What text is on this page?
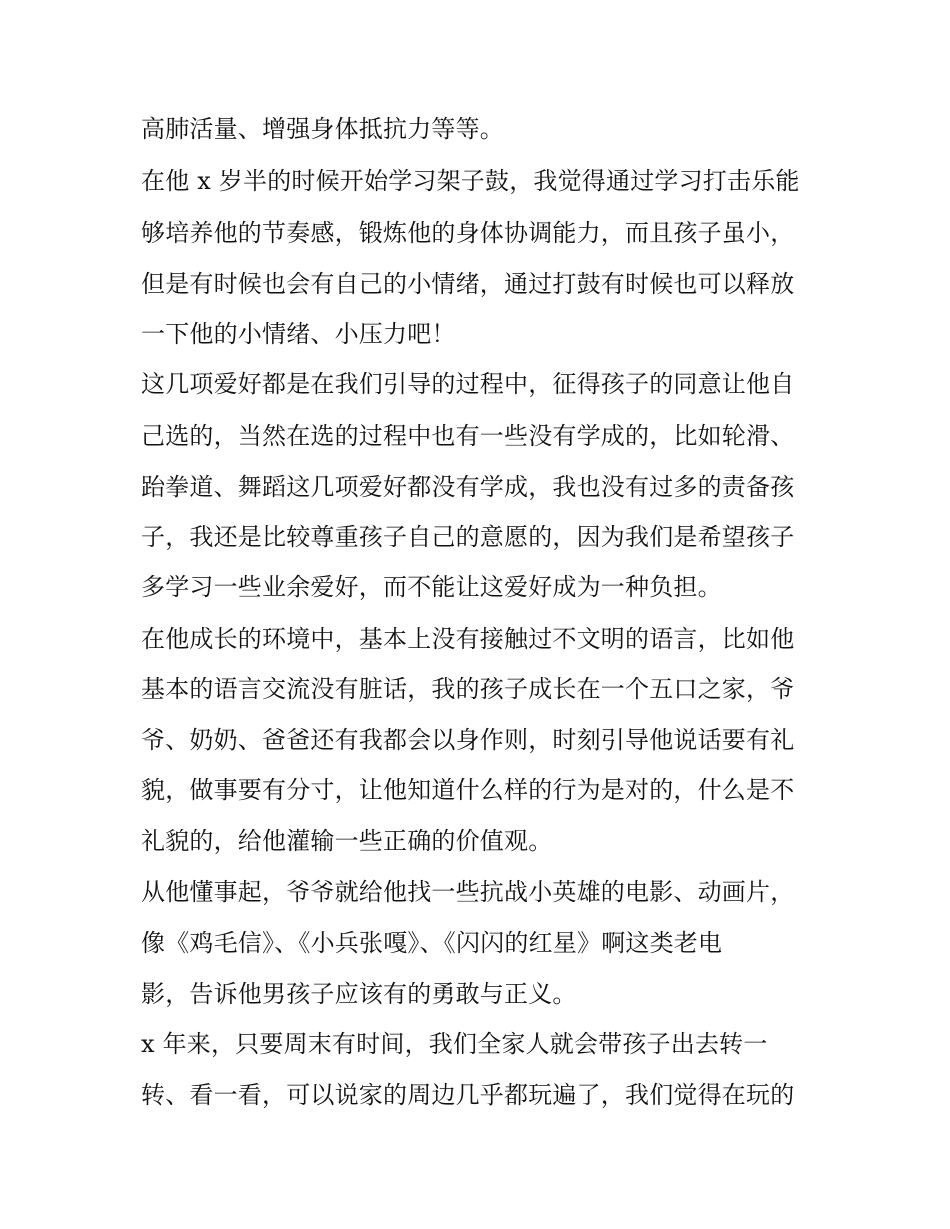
高肺活量、增强身体抵抗力等等。
在他 x 岁半的时候开始学习架子鼓，我觉得通过学习打击乐能
够培养他的节奏感，锻炼他的身体协调能力，而且孩子虽小，
但是有时候也会有自己的小情绪，通过打鼓有时候也可以释放
一下他的小情绪、小压力吧！
这几项爱好都是在我们引导的过程中，征得孩子的同意让他自
己选的，当然在选的过程中也有一些没有学成的，比如轮滑、
跆拳道、舞蹈这几项爱好都没有学成，我也没有过多的责备孩
子，我还是比较尊重孩子自己的意愿的，因为我们是希望孩子
多学习一些业余爱好，而不能让这爱好成为一种负担。
在他成长的环境中，基本上没有接触过不文明的语言，比如他
基本的语言交流没有脏话，我的孩子成长在一个五口之家，爷
爷、奶奶、爸爸还有我都会以身作则，时刻引导他说话要有礼
貌，做事要有分寸，让他知道什么样的行为是对的，什么是不
礼貌的，给他灌输一些正确的价值观。
从他懂事起，爷爷就给他找一些抗战小英雄的电影、动画片，
像《鸡毛信》、《小兵张嘎》、《闪闪的红星》啊这类老电
影，告诉他男孩子应该有的勇敢与正义。
x 年来，只要周末有时间，我们全家人就会带孩子出去转一
转、看一看，可以说家的周边几乎都玩遍了，我们觉得在玩的
